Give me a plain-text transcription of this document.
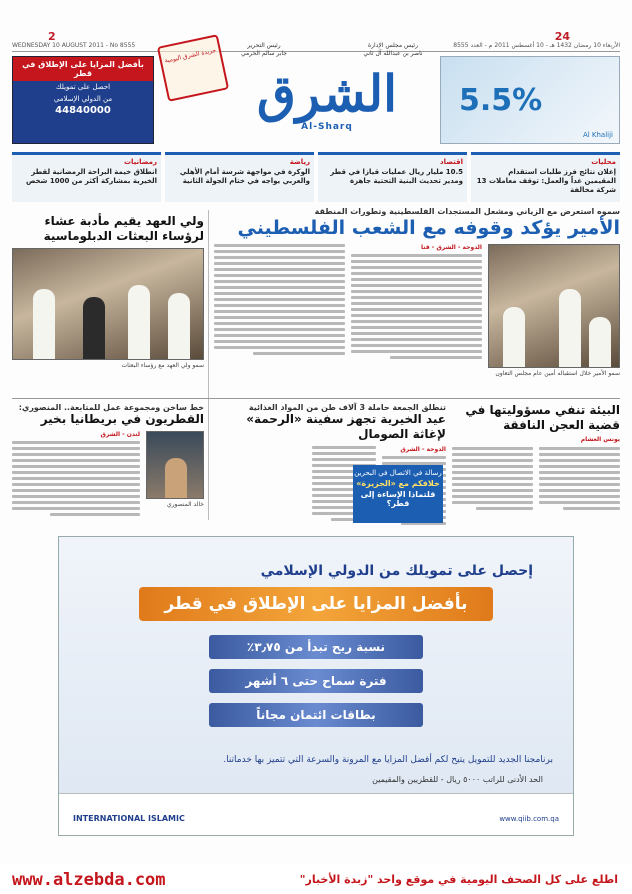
2	24
WEDNESDAY 10 AUGUST 2011 - No 8555	الأربعاء 10 رمضان 1432 هـ - 10 أغسطس 2011 م - العدد 8555
بأفضل المزايا على الإطلاق في قطر
احصل على تمويلك
من الدولي الإسلامي
44840000
جريدة الشرق اليومية
رئيس التحرير
جابر سالم الحرمي
رئيس مجلس الإدارة
ناصر بن عبدالله آل ثاني
الشرق
Al-Sharq
5.5%
Al Khaliji
رمضانيات
انطلاق خيمة البراحة الرمضانية لقطر الخيرية بمشاركة أكثر من 1000 شخص
رياضة
الوكرة في مواجهة شرسة أمام الأهلي والعربي يواجه في ختام الجولة الثانية
اقتصاد
10.5 مليار ريال عمليات قيازا في قطر ومدير تحديث البنية التحتية جاهزة
محليات
إعلان نتائج فرز طلبات استقدام المقيمين غداً والعمل: توقف معاملات 13 شركة مخالفة
سموه استعرض مع الزياني ومشعل المستجدات الفلسطينية وتطورات المنطقة
الأمير يؤكد وقوفه مع الشعب الفلسطيني
الدوحة - الشرق - قنا
سمو الأمير خلال استقباله أمين عام مجلس التعاون
ولي العهد يقيم مأدبة عشاء لرؤساء البعثات الدبلوماسية
سمو ولي العهد مع رؤساء البعثات
خط ساخن ومجموعة عمل للمتابعة.. المنصوري:
القطريون في بريطانيا بخير
خالد المنصوري
لندن - الشرق
تنطلق الجمعة حاملة 3 آلاف طن من المواد الغذائية
عيد الخيرية تجهز سفينة «الرحمة» لإغاثة الصومال
الدوحة - الشرق
رسالة في الاتصال في البحرين
خلافكم مع «الجزيرة»
قلتماذا الإساءة إلى قطر؟
البيئة تنفي مسؤوليتها في قضية العجن النافقة
يونس العشام
إحصل على تمويلك من الدولي الإسلامي
بأفضل المزايا على الإطلاق في قطر
نسبة ربح تبدأ من ٣٫٧٥٪
فترة سماح حتى ٦ أشهر
بطاقات ائتمان مجاناً
برنامجنا الجديد للتمويل يتيح لكم أفضل المزايا مع المرونة والسرعة التي تتميز بها خدماتنا.
الحد الأدنى للراتب ٥٠٠٠ ريال - للقطريين والمقيمين
INTERNATIONAL ISLAMIC	www.qiib.com.qa
www.alzebda.com	اطلع على كل الصحف اليومية في موقع واحد "زبدة الأخبار"
